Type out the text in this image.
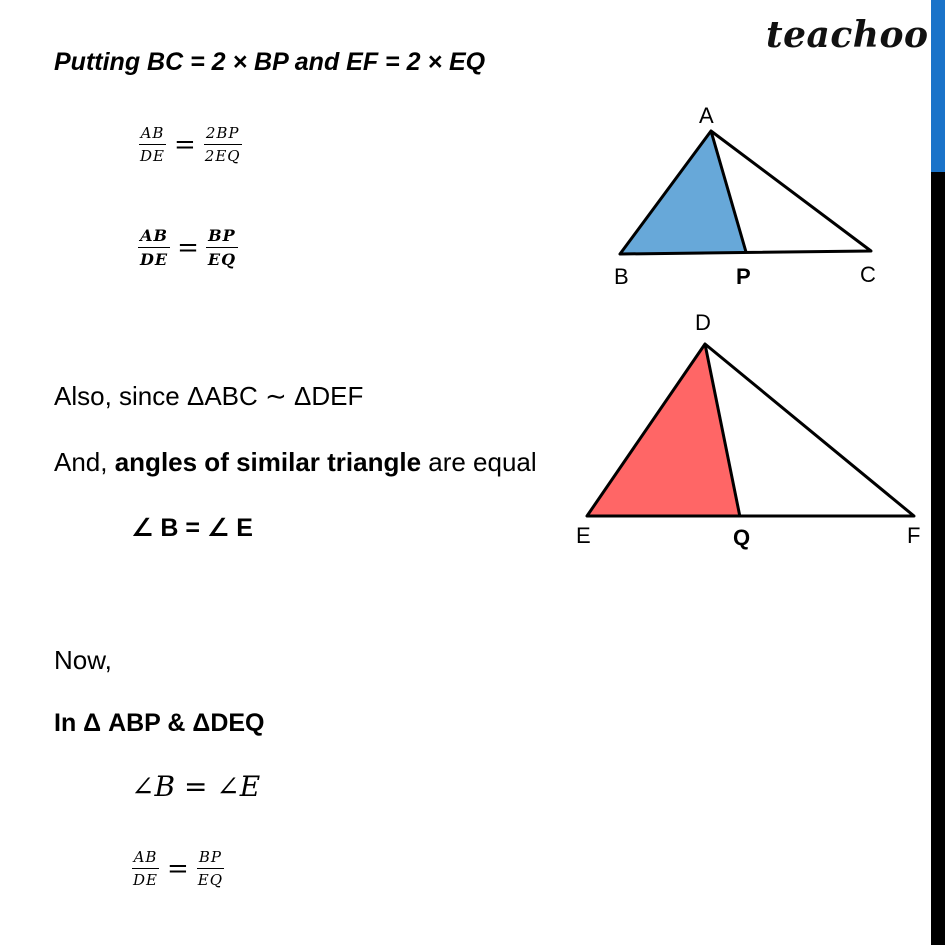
teachoo
Putting BC = 2 × BP and EF = 2 × EQ
$\frac{AB}{DE} = \frac{2BP}{2EQ}$
$\frac{AB}{DE} = \frac{BP}{EQ}$
Also, since ΔABC ∼ ΔDEF
And, angles of similar triangle are equal
∠ B = ∠ E
Now,
In Δ ABP & ΔDEQ
∠B = ∠E
$\frac{AB}{DE} = \frac{BP}{EQ}$
A
B	C
P
D
E	F
Q
